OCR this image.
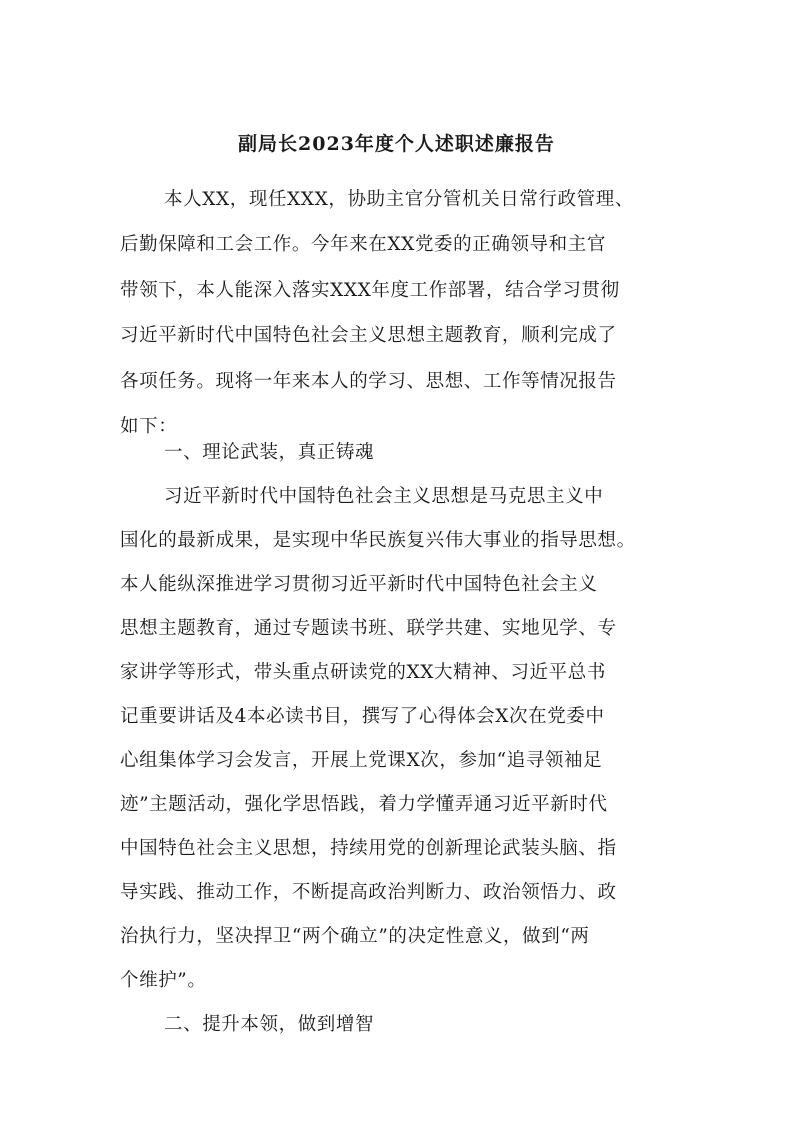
副局长2023年度个人述职述廉报告
本人XX，现任XXX，协助主官分管机关日常行政管理、
后勤保障和工会工作。今年来在XX党委的正确领导和主官
带领下，本人能深入落实XXX年度工作部署，结合学习贯彻
习近平新时代中国特色社会主义思想主题教育，顺利完成了
各项任务。现将一年来本人的学习、思想、工作等情况报告
如下：
一、理论武装，真正铸魂
习近平新时代中国特色社会主义思想是马克思主义中
国化的最新成果，是实现中华民族复兴伟大事业的指导思想。
本人能纵深推进学习贯彻习近平新时代中国特色社会主义
思想主题教育，通过专题读书班、联学共建、实地见学、专
家讲学等形式，带头重点研读党的XX大精神、习近平总书
记重要讲话及4本必读书目，撰写了心得体会X次在党委中
心组集体学习会发言，开展上党课X次，参加“追寻领袖足
迹”主题活动，强化学思悟践，着力学懂弄通习近平新时代
中国特色社会主义思想，持续用党的创新理论武装头脑、指
导实践、推动工作，不断提高政治判断力、政治领悟力、政
治执行力，坚决捍卫“两个确立”的决定性意义，做到“两
个维护”。
二、提升本领，做到增智
